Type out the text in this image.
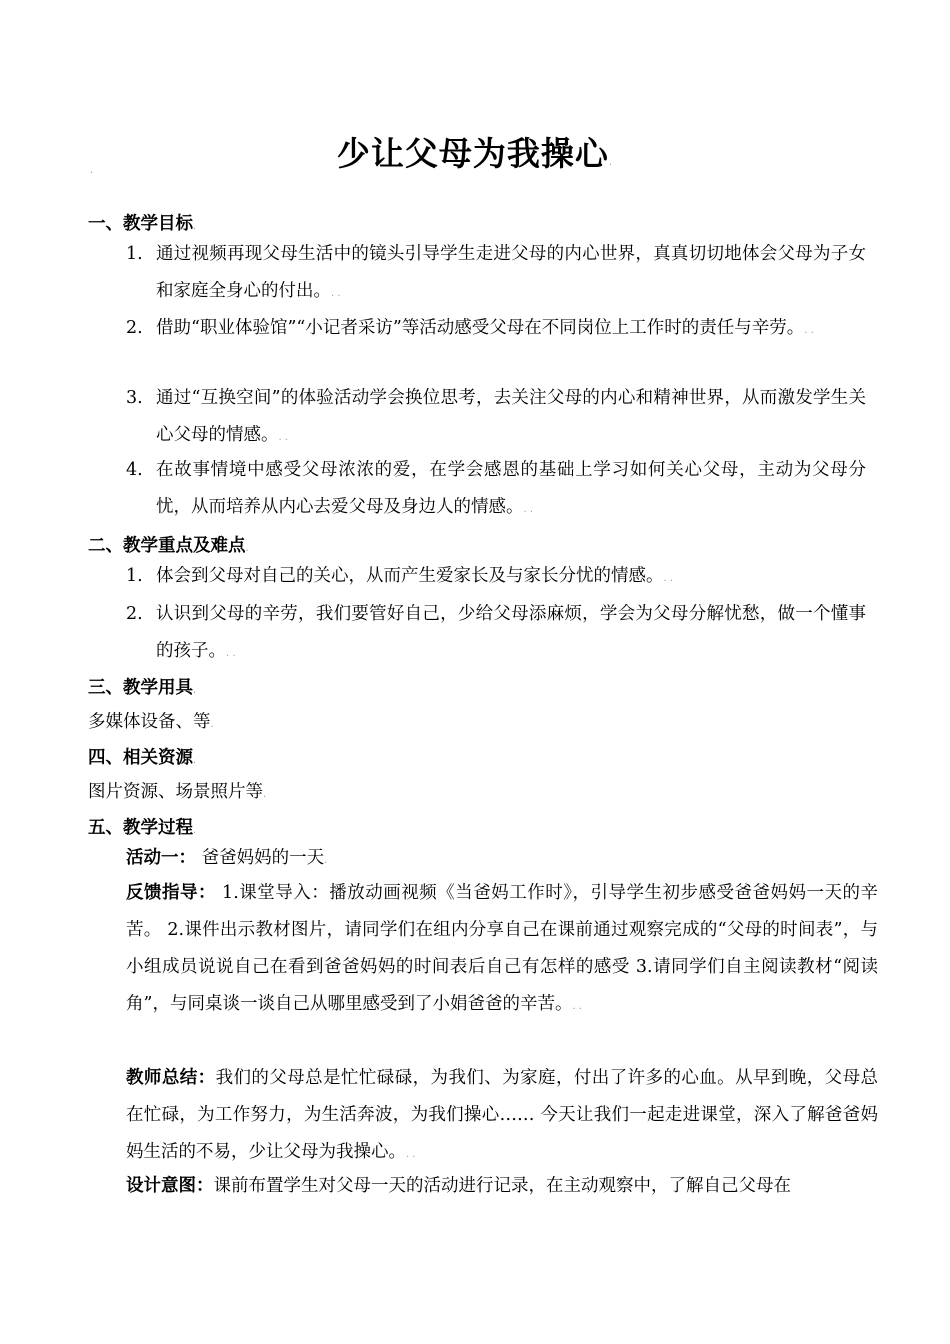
少让父母为我操心.
.
一、教学目标.
1. 通过视频再现父母生活中的镜头引导学生走进父母的内心世界，真真切切地体会父母为子女和家庭全身心的付出。. .
2. 借助“职业体验馆”“小记者采访”等活动感受父母在不同岗位上工作时的责任与辛劳。. .
3. 通过“互换空间”的体验活动学会换位思考，去关注父母的内心和精神世界，从而激发学生关心父母的情感。. .
4. 在故事情境中感受父母浓浓的爱，在学会感恩的基础上学习如何关心父母，主动为父母分忧，从而培养从内心去爱父母及身边人的情感。. .
二、教学重点及难点.
1. 体会到父母对自己的关心，从而产生爱家长及与家长分忧的情感。. .
2. 认识到父母的辛劳，我们要管好自己，少给父母添麻烦，学会为父母分解忧愁，做一个懂事的孩子。. .
三、教学用具.
多媒体设备、等.
四、相关资源.
图片资源、场景照片等.
五、教学过程.
活动一： 爸爸妈妈的一天.
反馈指导： 1.课堂导入：播放动画视频《当爸妈工作时》，引导学生初步感受爸爸妈妈一天的辛苦。 2.课件出示教材图片，请同学们在组内分享自己在课前通过观察完成的“父母的时间表”，与小组成员说说自己在看到爸爸妈妈的时间表后自己有怎样的感受 3.请同学们自主阅读教材“阅读角”，与同桌谈一谈自己从哪里感受到了小娟爸爸的辛苦。. .
教师总结：我们的父母总是忙忙碌碌，为我们、为家庭，付出了许多的心血。从早到晚，父母总在忙碌，为工作努力，为生活奔波，为我们操心…… 今天让我们一起走进课堂，深入了解爸爸妈妈生活的不易，少让父母为我操心。. .
设计意图：课前布置学生对父母一天的活动进行记录，在主动观察中，了解自己父母在
